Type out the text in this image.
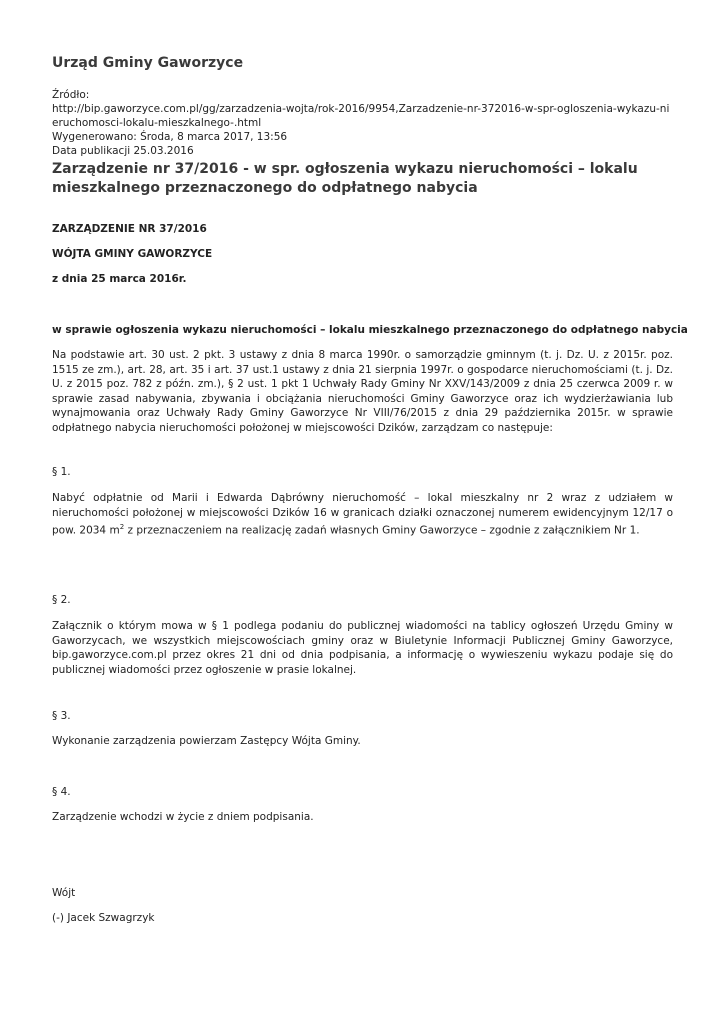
Urząd Gminy Gaworzyce
Źródło:
http://bip.gaworzyce.com.pl/gg/zarzadzenia-wojta/rok-2016/9954,Zarzadzenie-nr-372016-w-spr-ogloszenia-wykazu-nieruchomosci-lokalu-mieszkalnego-.html
Wygenerowano: Środa, 8 marca 2017, 13:56
Data publikacji 25.03.2016
Zarządzenie nr 37/2016 - w spr. ogłoszenia wykazu nieruchomości – lokalu mieszkalnego przeznaczonego do odpłatnego nabycia

ZARZĄDZENIE NR 37/2016

WÓJTA GMINY GAWORZYCE

z dnia 25 marca 2016r.

w sprawie ogłoszenia wykazu nieruchomości – lokalu mieszkalnego przeznaczonego do odpłatnego nabycia

Na podstawie art. 30 ust. 2 pkt. 3 ustawy z dnia 8 marca 1990r. o samorządzie gminnym (t. j. Dz. U. z 2015r. poz. 1515 ze zm.), art. 28, art. 35 i art. 37 ust.1 ustawy z dnia 21 sierpnia 1997r. o gospodarce nieruchomościami (t. j. Dz. U. z 2015 poz. 782 z późn. zm.), § 2 ust. 1 pkt 1 Uchwały Rady Gminy Nr XXV/143/2009 z dnia 25 czerwca 2009 r. w sprawie zasad nabywania, zbywania i obciążania nieruchomości Gminy Gaworzyce oraz ich wydzierżawiania lub wynajmowania oraz Uchwały Rady Gminy Gaworzyce Nr VIII/76/2015 z dnia 29 października 2015r. w sprawie odpłatnego nabycia nieruchomości położonej w miejscowości Dzików, zarządzam co następuje:

§ 1.

Nabyć odpłatnie od Marii i Edwarda Dąbrówny nieruchomość – lokal mieszkalny nr 2 wraz z udziałem w nieruchomości położonej w miejscowości Dzików 16 w granicach działki oznaczonej numerem ewidencyjnym 12/17 o pow. 2034 $m^2$ z przeznaczeniem na realizację zadań własnych Gminy Gaworzyce – zgodnie z załącznikiem Nr 1.

§ 2.

Załącznik o którym mowa w § 1 podlega podaniu do publicznej wiadomości na tablicy ogłoszeń Urzędu Gminy w Gaworzycach, we wszystkich miejscowościach gminy oraz w Biuletynie Informacji Publicznej Gminy Gaworzyce, bip.gaworzyce.com.pl przez okres 21 dni od dnia podpisania, a informację o wywieszeniu wykazu podaje się do publicznej wiadomości przez ogłoszenie w prasie lokalnej.

§ 3.

Wykonanie zarządzenia powierzam Zastępcy Wójta Gminy.

§ 4.

Zarządzenie wchodzi w życie z dniem podpisania.

Wójt

(-) Jacek Szwagrzyk
